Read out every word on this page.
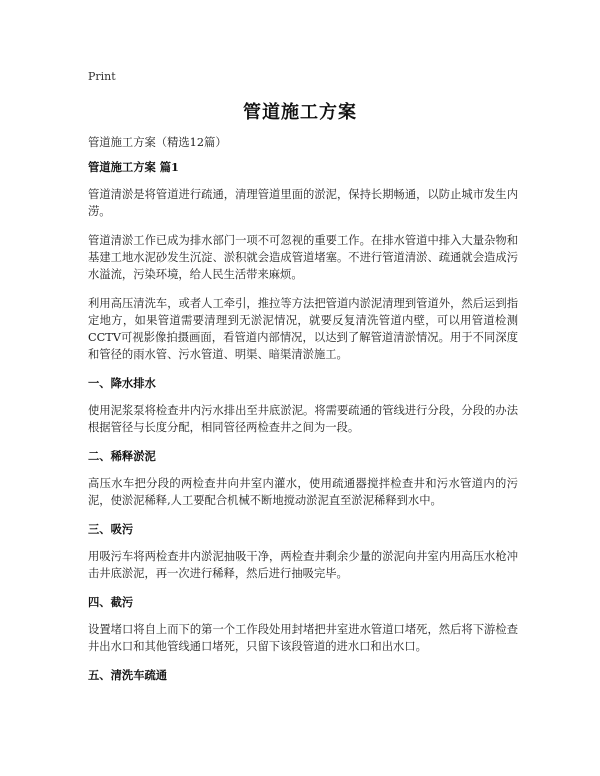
Print
管道施工方案
管道施工方案（精选12篇）
管道施工方案 篇1
管道清淤是将管道进行疏通，清理管道里面的淤泥，保持长期畅通，以防止城市发生内涝。
管道清淤工作已成为排水部门一项不可忽视的重要工作。在排水管道中排入大量杂物和基建工地水泥砂发生沉淀、淤积就会造成管道堵塞。不进行管道清淤、疏通就会造成污水溢流，污染环境，给人民生活带来麻烦。
利用高压清洗车，或者人工牵引，推拉等方法把管道内淤泥清理到管道外，然后运到指定地方，如果管道需要清理到无淤泥情况，就要反复清洗管道内壁，可以用管道检测CCTV可视影像拍摄画面，看管道内部情况，以达到了解管道清淤情况。用于不同深度和管径的雨水管、污水管道、明渠、暗渠清淤施工。
一、降水排水
使用泥浆泵将检查井内污水排出至井底淤泥。将需要疏通的管线进行分段，分段的办法根据管径与长度分配，相同管径两检查井之间为一段。
二、稀释淤泥
高压水车把分段的两检查井向井室内灌水，使用疏通器搅拌检查井和污水管道内的污泥，使淤泥稀释,人工要配合机械不断地搅动淤泥直至淤泥稀释到水中。
三、吸污
用吸污车将两检查井内淤泥抽吸干净，两检查井剩余少量的淤泥向井室内用高压水枪冲击井底淤泥，再一次进行稀释，然后进行抽吸完毕。
四、截污
设置堵口将自上而下的第一个工作段处用封堵把井室进水管道口堵死，然后将下游检查井出水口和其他管线通口堵死，只留下该段管道的进水口和出水口。
五、清洗车疏通
